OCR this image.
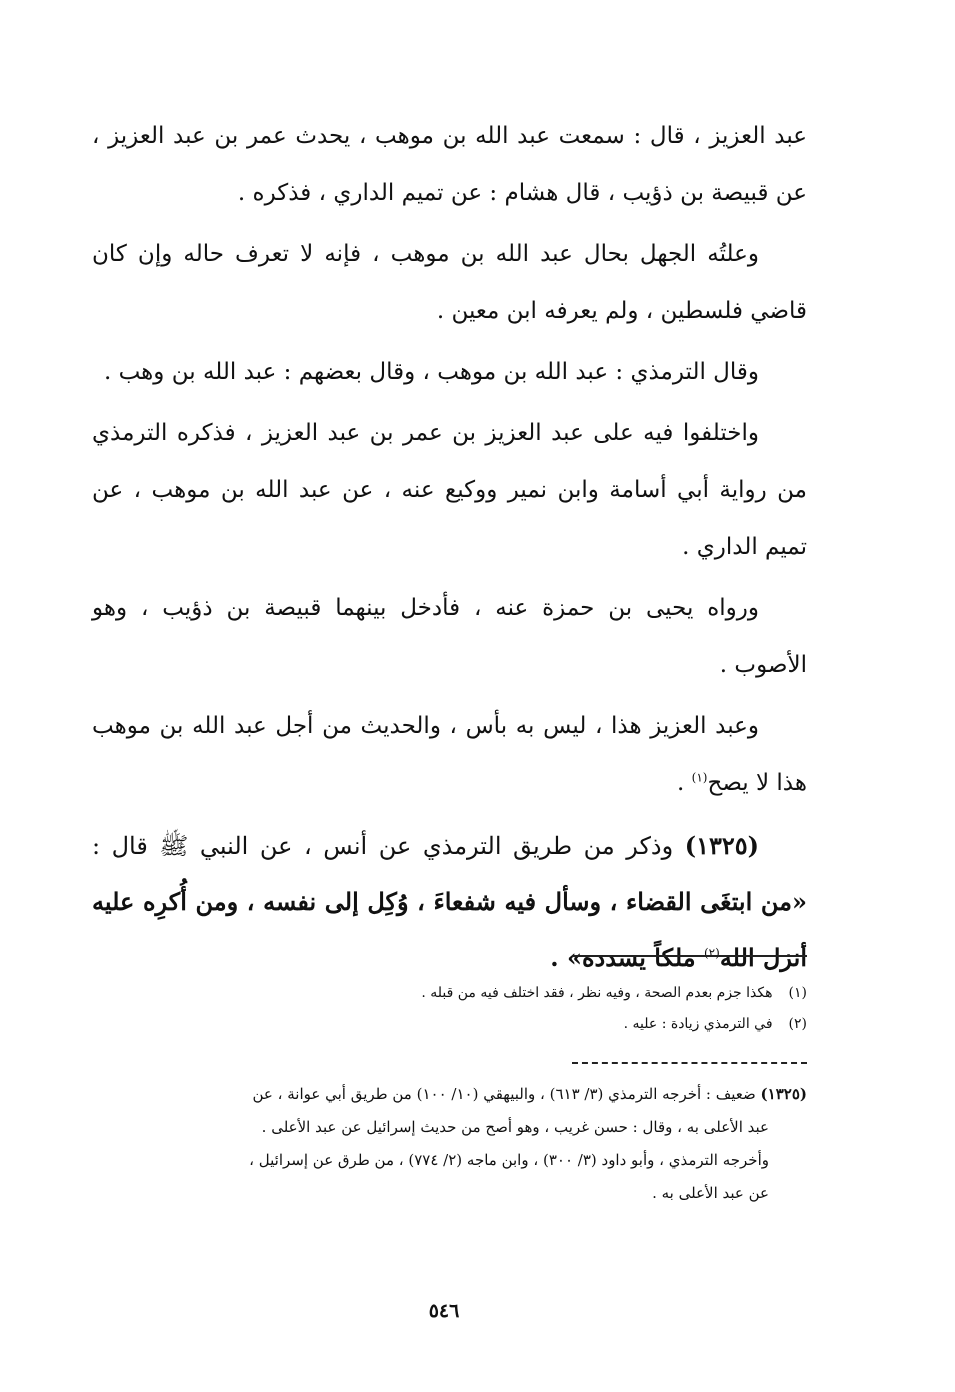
عبد العزيز ، قال : سمعت عبد الله بن موهب ، يحدث عمر بن عبد العزيز ، عن قبيصة بن ذؤيب ، قال هشام : عن تميم الداري ، فذكره .

وعلتُه الجهل بحال عبد الله بن موهب ، فإنه لا تعرف حاله وإن كان قاضي فلسطين ، ولم يعرفه ابن معين .

وقال الترمذي : عبد الله بن موهب ، وقال بعضهم : عبد الله بن وهب .

واختلفوا فيه على عبد العزيز بن عمر بن عبد العزيز ، فذكره الترمذي من رواية أبي أسامة وابن نمير ووكيع عنه ، عن عبد الله بن موهب ، عن تميم الداري .

ورواه يحيى بن حمزة عنه ، فأدخل بينهما قبيصة بن ذؤيب ، وهو الأصوب .

وعبد العزيز هذا ، ليس به بأس ، والحديث من أجل عبد الله بن موهب هذا لا يصح$^{(١)}$ .

(١٣٢٥) وذكر من طريق الترمذي عن أنس ، عن النبي ﷺ قال : «من ابتغَى القضاء ، وسأل فيه شفعاءَ ، وُكِل إلى نفسه ، ومن أُكرِه عليه أنزل الله$^{(٢)}$ ملكاً يسدده» .

(١)هكذا جزم بعدم الصحة ، وفيه نظر ، فقد اختلف فيه من قبله .
(٢)في الترمذي زيادة : عليه .
(١٣٢٥) ضعيف : أخرجه الترمذي (٣/ ٦١٣) ، والبيهقي (١٠/ ١٠٠) من طريق أبي عوانة ، عن
عبد الأعلى به ، وقال : حسن غريب ، وهو أصح من حديث إسرائيل عن عبد الأعلى .
وأخرجه الترمذي ، وأبو داود (٣/ ٣٠٠) ، وابن ماجه (٢/ ٧٧٤) ، من طرق عن إسرائيل ،
عن عبد الأعلى به .
٥٤٦
